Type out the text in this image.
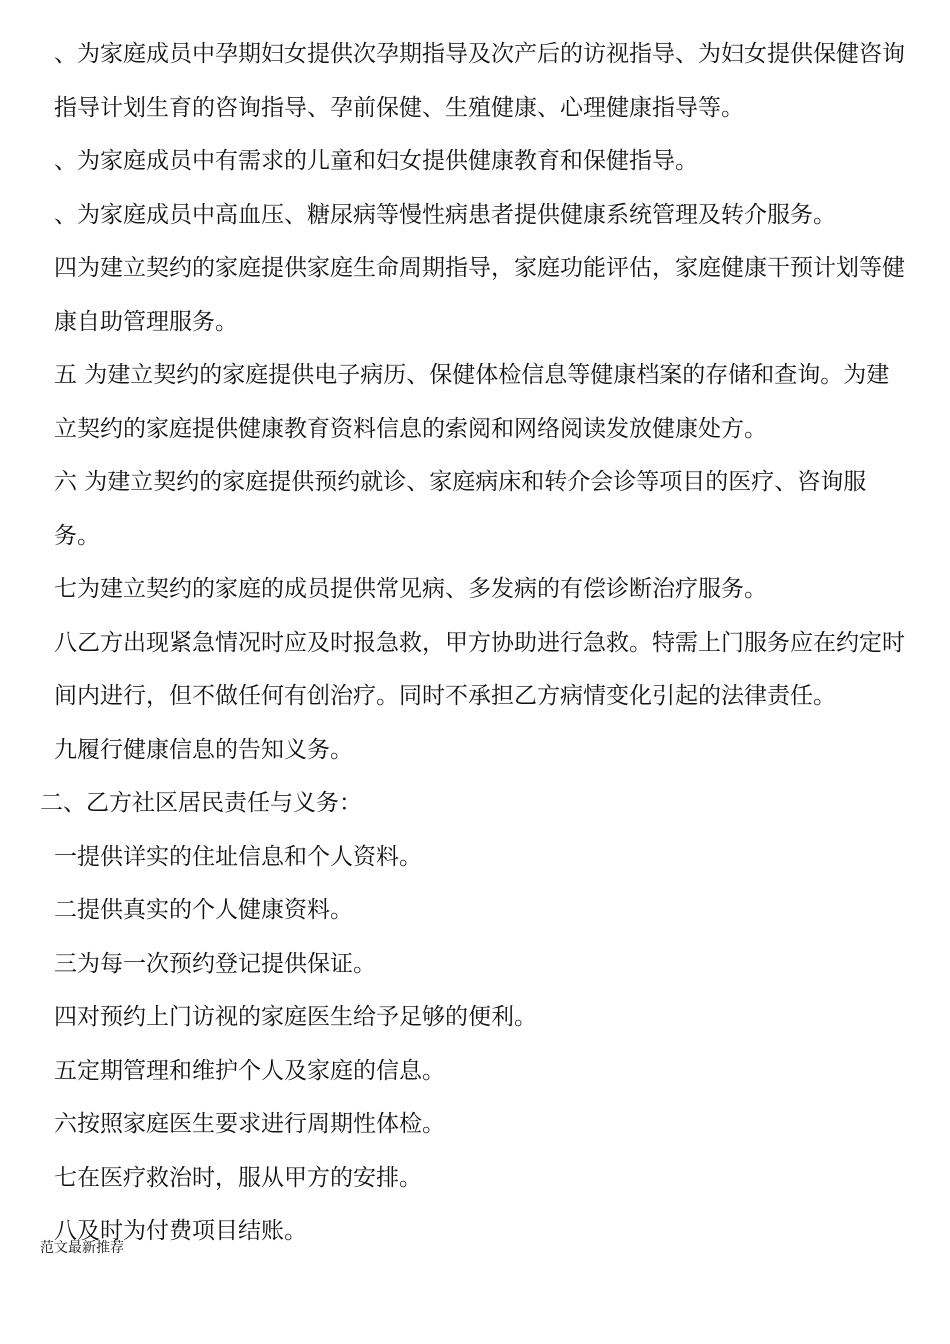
、为家庭成员中孕期妇女提供次孕期指导及次产后的访视指导、为妇女提供保健咨询指导计划生育的咨询指导、孕前保健、生殖健康、心理健康指导等。

、为家庭成员中有需求的儿童和妇女提供健康教育和保健指导。

、为家庭成员中高血压、糖尿病等慢性病患者提供健康系统管理及转介服务。

四为建立契约的家庭提供家庭生命周期指导，家庭功能评估，家庭健康干预计划等健康自助管理服务。

五 为建立契约的家庭提供电子病历、保健体检信息等健康档案的存储和查询。为建立契约的家庭提供健康教育资料信息的索阅和网络阅读发放健康处方。

六 为建立契约的家庭提供预约就诊、家庭病床和转介会诊等项目的医疗、咨询服务。

七为建立契约的家庭的成员提供常见病、多发病的有偿诊断治疗服务。

八乙方出现紧急情况时应及时报急救，甲方协助进行急救。特需上门服务应在约定时间内进行，但不做任何有创治疗。同时不承担乙方病情变化引起的法律责任。

九履行健康信息的告知义务。

二、乙方社区居民责任与义务：

一提供详实的住址信息和个人资料。

二提供真实的个人健康资料。

三为每一次预约登记提供保证。

四对预约上门访视的家庭医生给予足够的便利。

五定期管理和维护个人及家庭的信息。

六按照家庭医生要求进行周期性体检。

七在医疗救治时，服从甲方的安排。

八及时为付费项目结账。

范文最新推荐
